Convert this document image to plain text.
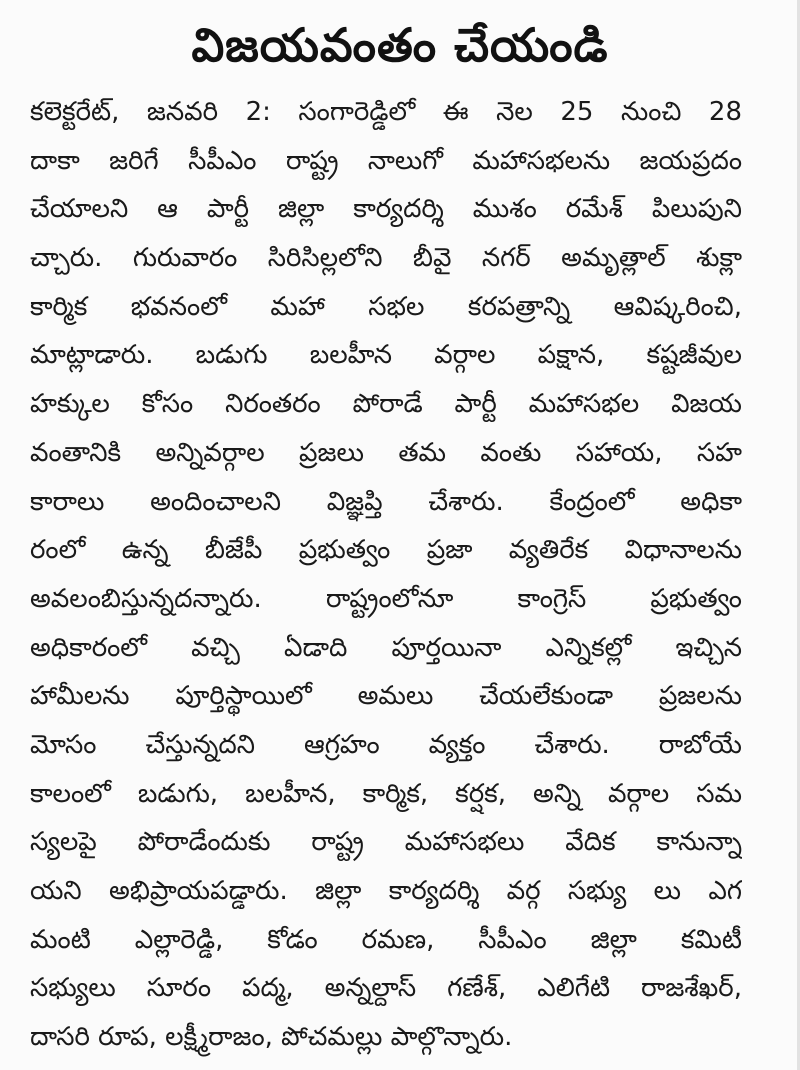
విజయవంతం చేయండి
కలెక్టరేట్, జనవరి 2: సంగారెడ్డిలో ఈ నెల 25 నుంచి 28
దాకా జరిగే సీపీఎం రాష్ట్ర నాలుగో మహాసభలను జయప్రదం
చేయాలని ఆ పార్టీ జిల్లా కార్యదర్శి ముశం రమేశ్ పిలుపుని
చ్చారు. గురువారం సిరిసిల్లలోని బీవై నగర్ అమృత్లాల్ శుక్లా
కార్మిక భవనంలో మహా సభల కరపత్రాన్ని ఆవిష్కరించి,
మాట్లాడారు. బడుగు బలహీన వర్గాల పక్షాన, కష్టజీవుల
హక్కుల కోసం నిరంతరం పోరాడే పార్టీ మహాసభల విజయ
వంతానికి అన్నివర్గాల ప్రజలు తమ వంతు సహాయ, సహ
కారాలు అందించాలని విజ్ఞప్తి చేశారు. కేంద్రంలో అధికా
రంలో ఉన్న బీజేపీ ప్రభుత్వం ప్రజా వ్యతిరేక విధానాలను
అవలంబిస్తున్నదన్నారు. రాష్ట్రంలోనూ కాంగ్రెస్ ప్రభుత్వం
అధికారంలో వచ్చి ఏడాది పూర్తయినా ఎన్నికల్లో ఇచ్చిన
హామీలను పూర్తిస్థాయిలో అమలు చేయలేకుండా ప్రజలను
మోసం చేస్తున్నదని ఆగ్రహం వ్యక్తం చేశారు. రాబోయే
కాలంలో బడుగు, బలహీన, కార్మిక, కర్షక, అన్ని వర్గాల సమ
స్యలపై పోరాడేందుకు రాష్ట్ర మహాసభలు వేదిక కానున్నా
యని అభిప్రాయపడ్డారు. జిల్లా కార్యదర్శి వర్గ సభ్యు లు ఎగ
మంటి ఎల్లారెడ్డి, కోడం రమణ, సీపీఎం జిల్లా కమిటీ
సభ్యులు సూరం పద్మ, అన్నల్దాస్ గణేశ్, ఎలిగేటి రాజశేఖర్,
దాసరి రూప, లక్ష్మీరాజం, పోచమల్లు పాల్గొన్నారు.
